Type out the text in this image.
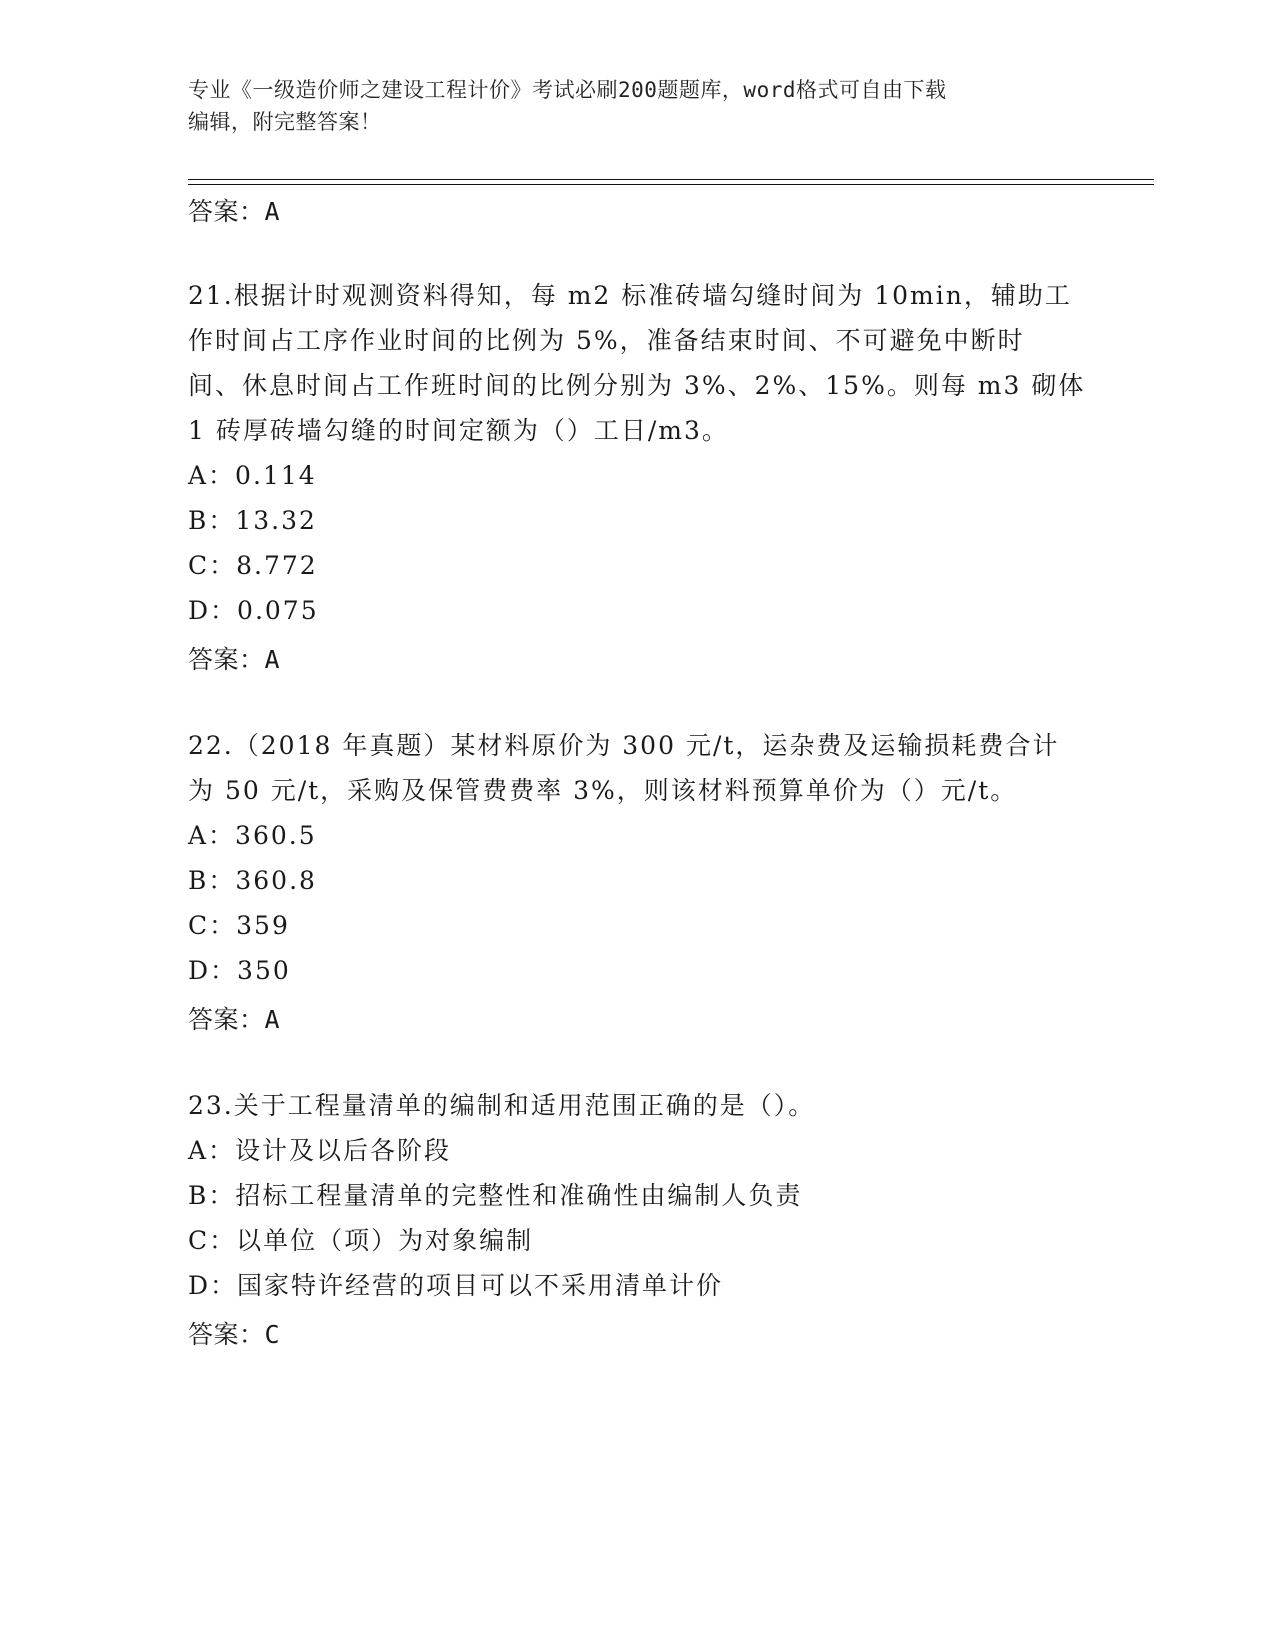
专业《一级造价师之建设工程计价》考试必刷200题题库，word格式可自由下载
编辑，附完整答案！
答案：A
21.根据计时观测资料得知，每 m2 标准砖墙勾缝时间为 10min，辅助工
作时间占工序作业时间的比例为 5%，准备结束时间、不可避免中断时
间、休息时间占工作班时间的比例分别为 3%、2%、15%。则每 m3 砌体
1 砖厚砖墙勾缝的时间定额为（）工日/m3。
A：0.114
B：13.32
C：8.772
D：0.075
答案：A
22.（2018 年真题）某材料原价为 300 元/t，运杂费及运输损耗费合计
为 50 元/t，采购及保管费费率 3%，则该材料预算单价为（）元/t。
A：360.5
B：360.8
C：359
D：350
答案：A
23.关于工程量清单的编制和适用范围正确的是（）。
A：设计及以后各阶段
B：招标工程量清单的完整性和准确性由编制人负责
C：以单位（项）为对象编制
D：国家特许经营的项目可以不采用清单计价
答案：C
